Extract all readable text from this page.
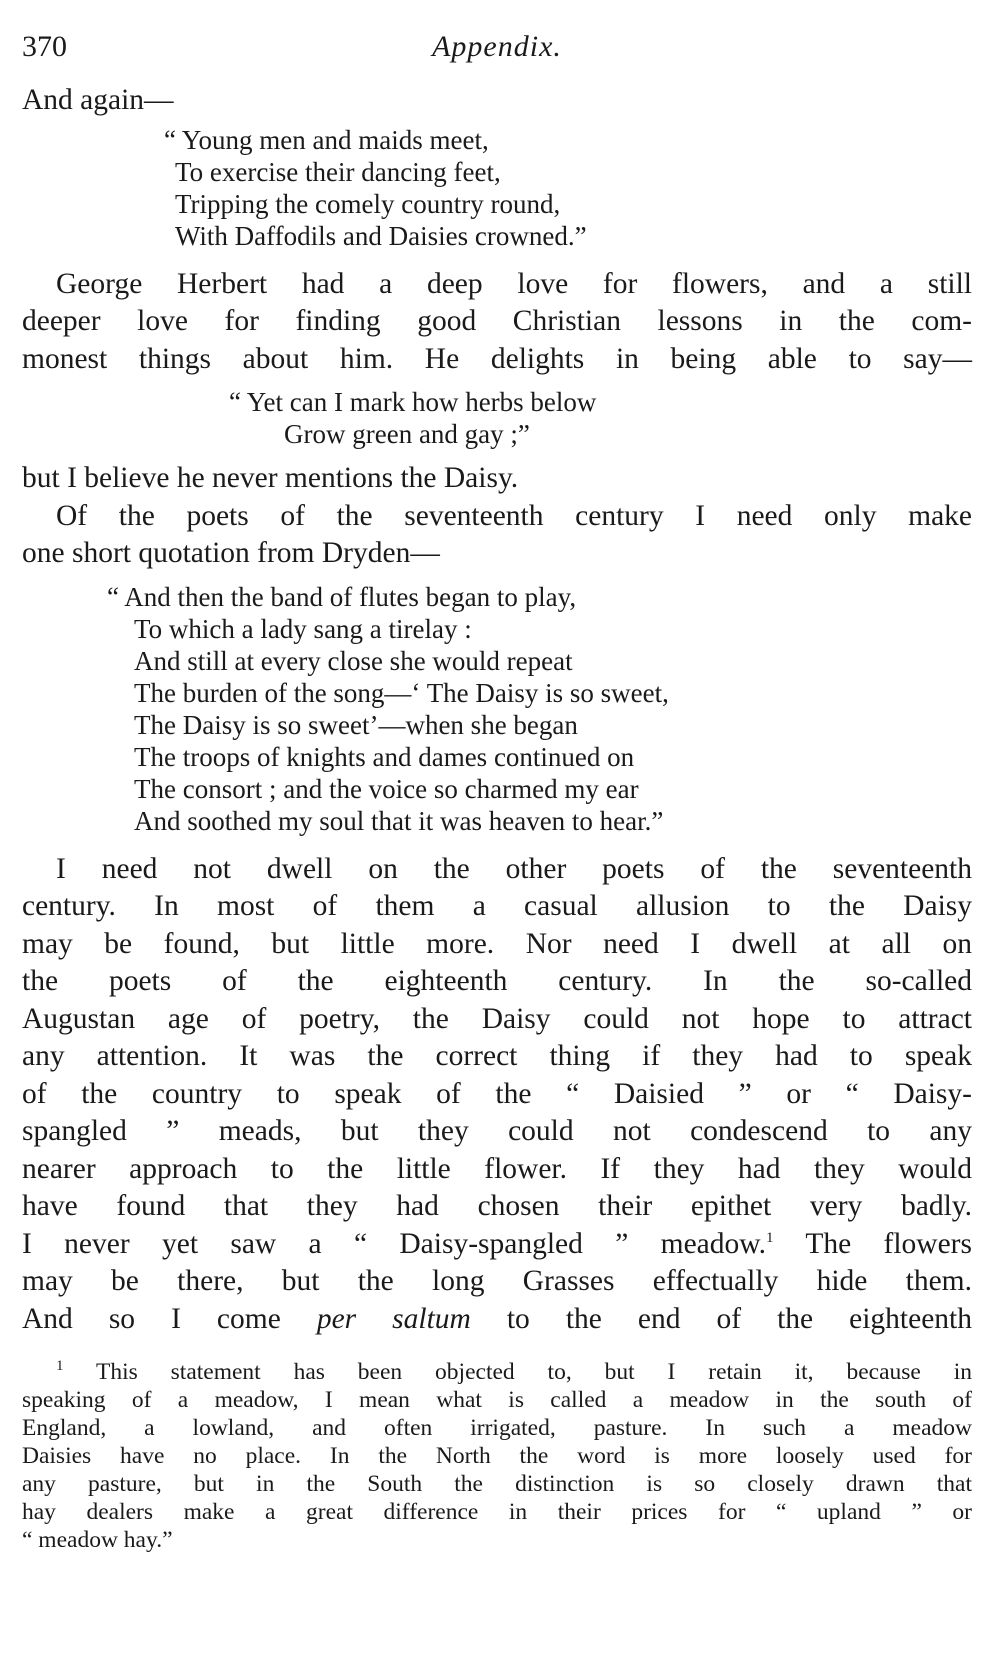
370	Appendix.

And again—

“ Young men and maids meet,
To exercise their dancing feet,
Tripping the comely country round,
With Daffodils and Daisies crowned.”
George Herbert had a deep love for flowers, and a still
deeper love for finding good Christian lessons in the com-
monest things about him. He delights in being able to say—
“ Yet can I mark how herbs below
Grow green and gay ;”
but I believe he never mentions the Daisy.
Of the poets of the seventeenth century I need only make
one short quotation from Dryden—
“ And then the band of flutes began to play,
To which a lady sang a tirelay :
And still at every close she would repeat
The burden of the song—‘ The Daisy is so sweet,
The Daisy is so sweet’—when she began
The troops of knights and dames continued on
The consort ; and the voice so charmed my ear
And soothed my soul that it was heaven to hear.”
I need not dwell on the other poets of the seventeenth
century. In most of them a casual allusion to the Daisy
may be found, but little more. Nor need I dwell at all on
the poets of the eighteenth century. In the so-called
Augustan age of poetry, the Daisy could not hope to attract
any attention. It was the correct thing if they had to speak
of the country to speak of the “ Daisied ” or “ Daisy-
spangled ” meads, but they could not condescend to any
nearer approach to the little flower. If they had they would
have found that they had chosen their epithet very badly.
I never yet saw a “ Daisy-spangled ” meadow.$^1$ The flowers
may be there, but the long Grasses effectually hide them.
And so I come per saltum to the end of the eighteenth
$^1$ This statement has been objected to, but I retain it, because in
speaking of a meadow, I mean what is called a meadow in the south of
England, a lowland, and often irrigated, pasture. In such a meadow
Daisies have no place. In the North the word is more loosely used for
any pasture, but in the South the distinction is so closely drawn that
hay dealers make a great difference in their prices for “ upland ” or
“ meadow hay.”
